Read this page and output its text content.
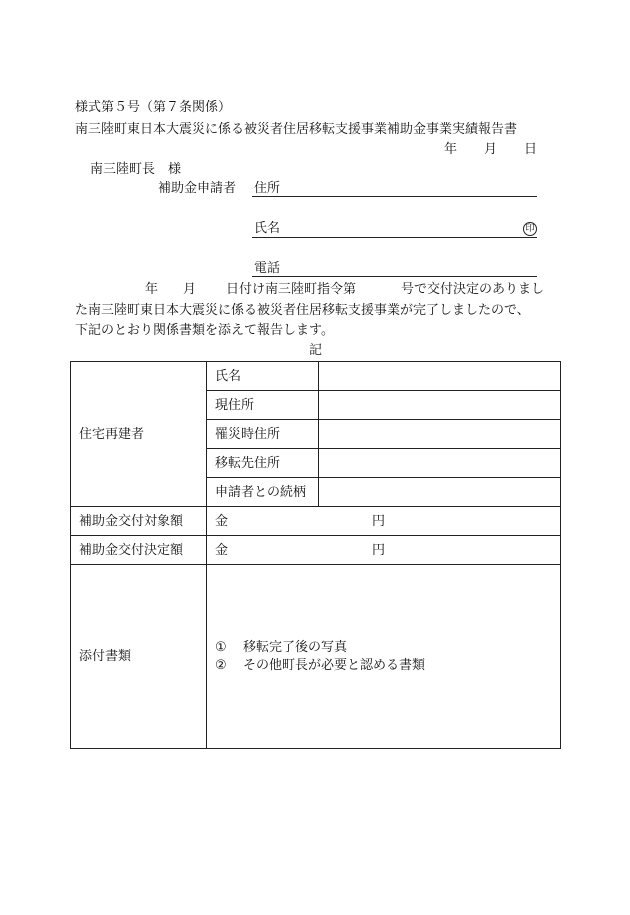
様式第５号（第７条関係）
南三陸町東日本大震災に係る被災者住居移転支援事業補助金事業実績報告書
年 月 日
南三陸町長　様
補助金申請者 住所
氏名	印
電話
年 月 日付け南三陸町指令第	号で交付決定のありまし
た南三陸町東日本大震災に係る被災者住居移転支援事業が完了しましたので、
下記のとおり関係書類を添えて報告します。
記
住宅再建者	氏名	
	現住所	
	罹災時住所	
	移転先住所	
	申請者との続柄	
補助金交付対象額	金 円	

補助金交付決定額	金 円	

添付書類	① 移転完了後の写真
② その他町長が必要と認める書類	
